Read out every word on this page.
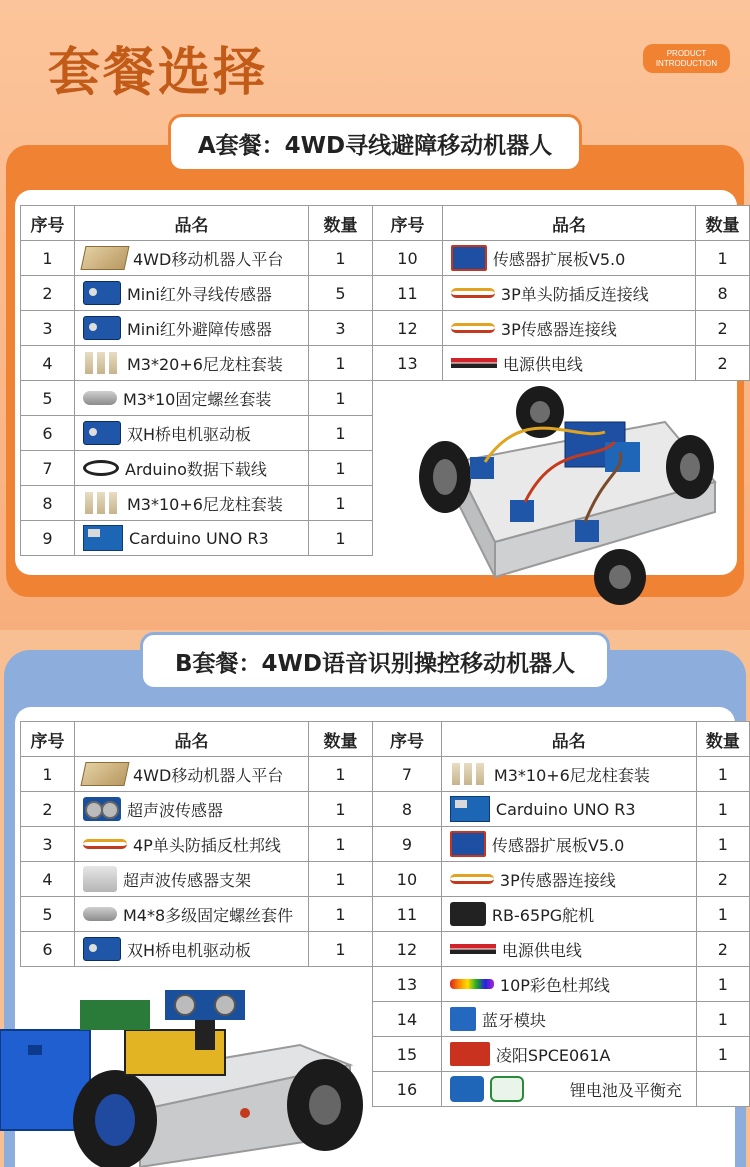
套餐选择	PRODUCT
INTRODUCTION
A套餐：4WD寻线避障移动机器人
序号	品名	数量
1	4WD移动机器人平台	1
2	Mini红外寻线传感器	5
3	Mini红外避障传感器	3
4	M3*20+6尼龙柱套装	1
5	M3*10固定螺丝套装	1
6	双H桥电机驱动板	1
7	Arduino数据下载线	1
8	M3*10+6尼龙柱套装	1
9	Carduino UNO R3	1
序号	品名	数量
10	传感器扩展板V5.0	1
11	3P单头防插反连接线	8
12	3P传感器连接线	2
13	电源供电线	2
B套餐：4WD语音识别操控移动机器人
序号	品名	数量
1	4WD移动机器人平台	1
2	超声波传感器	1
3	4P单头防插反杜邦线	1
4	超声波传感器支架	1
5	M4*8多级固定螺丝套件	1
6	双H桥电机驱动板	1
序号	品名	数量
7	M3*10+6尼龙柱套装	1
8	Carduino UNO R3	1
9	传感器扩展板V5.0	1
10	3P传感器连接线	2
11	RB-65PG舵机	1
12	电源供电线	2
13	10P彩色杜邦线	1
14	蓝牙模块	1
15	凌阳SPCE061A	1
16	锂电池及平衡充	
